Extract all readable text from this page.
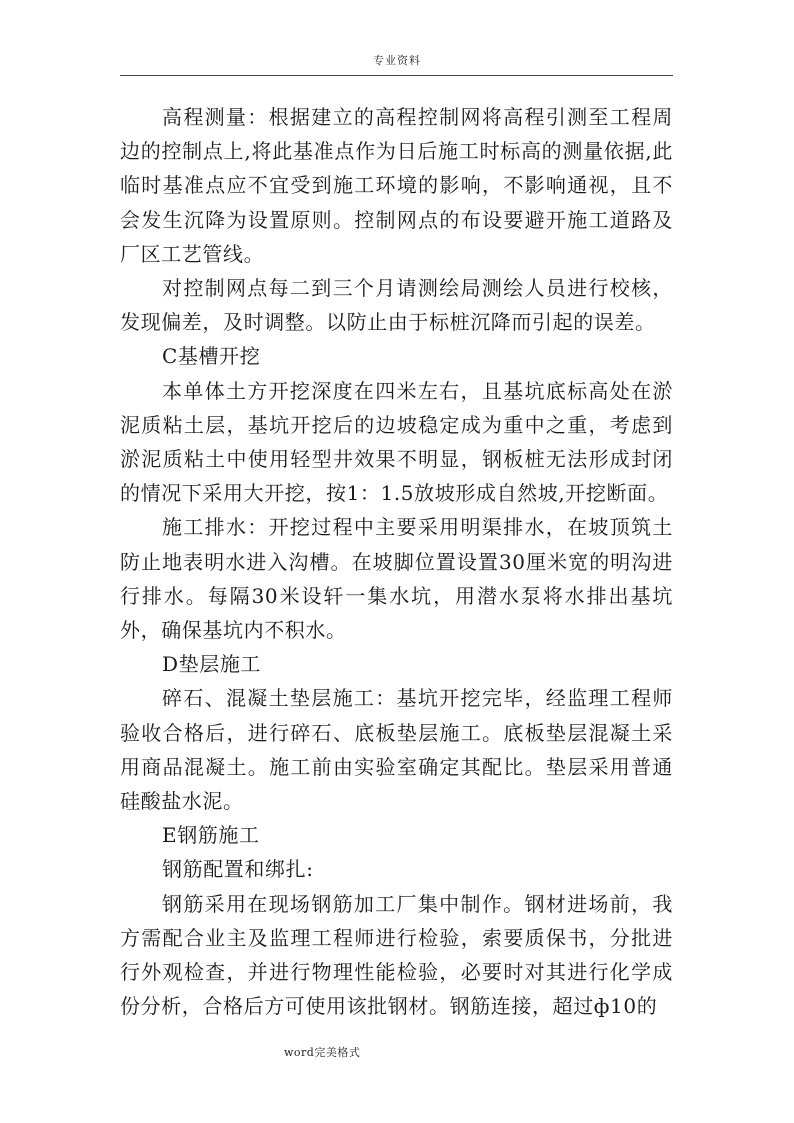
专业资料

高程测量：根据建立的高程控制网将高程引测至工程周边的控制点上,将此基准点作为日后施工时标高的测量依据,此临时基准点应不宜受到施工环境的影响，不影响通视，且不会发生沉降为设置原则。控制网点的布设要避开施工道路及厂区工艺管线。

对控制网点每二到三个月请测绘局测绘人员进行校核，发现偏差，及时调整。以防止由于标桩沉降而引起的误差。

C基槽开挖

本单体土方开挖深度在四米左右，且基坑底标高处在淤泥质粘土层，基坑开挖后的边坡稳定成为重中之重，考虑到淤泥质粘土中使用轻型井效果不明显，钢板桩无法形成封闭的情况下采用大开挖，按1：1.5放坡形成自然坡,开挖断面。

施工排水：开挖过程中主要采用明渠排水，在坡顶筑土防止地表明水进入沟槽。在坡脚位置设置30厘米宽的明沟进行排水。每隔30米设轩一集水坑，用潜水泵将水排出基坑外，确保基坑内不积水。

D垫层施工

碎石、混凝土垫层施工：基坑开挖完毕，经监理工程师验收合格后，进行碎石、底板垫层施工。底板垫层混凝土采用商品混凝土。施工前由实验室确定其配比。垫层采用普通硅酸盐水泥。

E钢筋施工

钢筋配置和绑扎:

钢筋采用在现场钢筋加工厂集中制作。钢材进场前，我方需配合业主及监理工程师进行检验，索要质保书，分批进行外观检查，并进行物理性能检验，必要时对其进行化学成份分析，合格后方可使用该批钢材。钢筋连接，超过ф10的

word完美格式
